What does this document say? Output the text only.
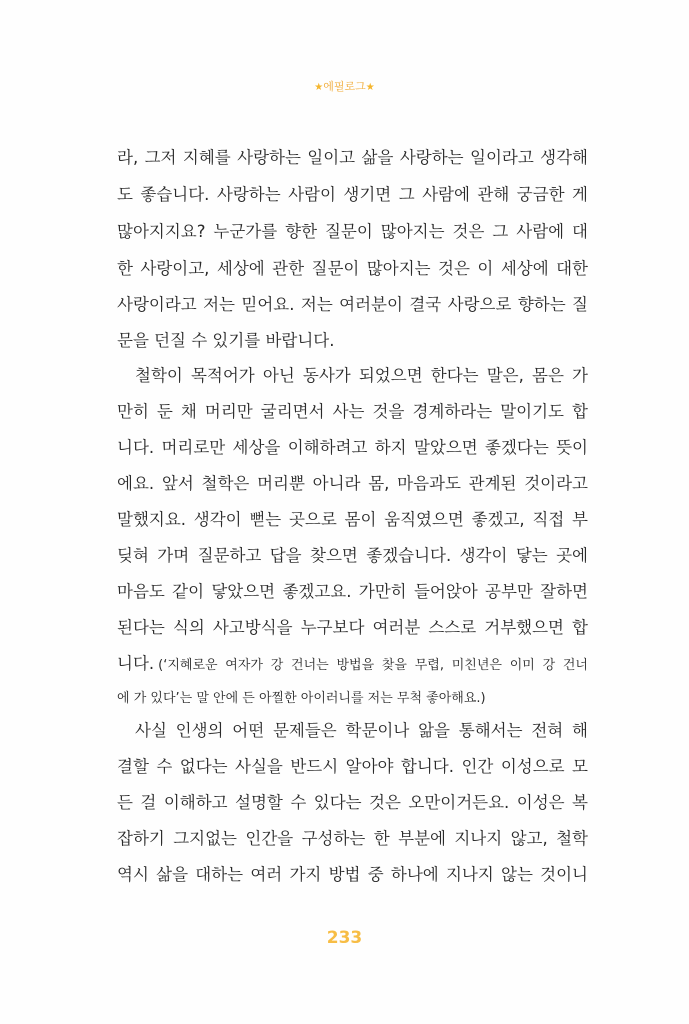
★에필로그★
라, 그저 지혜를 사랑하는 일이고 삶을 사랑하는 일이라고 생각해
도 좋습니다. 사랑하는 사람이 생기면 그 사람에 관해 궁금한 게
많아지지요? 누군가를 향한 질문이 많아지는 것은 그 사람에 대
한 사랑이고, 세상에 관한 질문이 많아지는 것은 이 세상에 대한
사랑이라고 저는 믿어요. 저는 여러분이 결국 사랑으로 향하는 질
문을 던질 수 있기를 바랍니다.
철학이 목적어가 아닌 동사가 되었으면 한다는 말은, 몸은 가
만히 둔 채 머리만 굴리면서 사는 것을 경계하라는 말이기도 합
니다. 머리로만 세상을 이해하려고 하지 말았으면 좋겠다는 뜻이
에요. 앞서 철학은 머리뿐 아니라 몸, 마음과도 관계된 것이라고
말했지요. 생각이 뻗는 곳으로 몸이 움직였으면 좋겠고, 직접 부
딪혀 가며 질문하고 답을 찾으면 좋겠습니다. 생각이 닿는 곳에
마음도 같이 닿았으면 좋겠고요. 가만히 들어앉아 공부만 잘하면
된다는 식의 사고방식을 누구보다 여러분 스스로 거부했으면 합
니다. (‘지혜로운 여자가 강 건너는 방법을 찾을 무렵, 미친년은 이미 강 건너
에 가 있다’는 말 안에 든 아찔한 아이러니를 저는 무척 좋아해요.)
사실 인생의 어떤 문제들은 학문이나 앎을 통해서는 전혀 해
결할 수 없다는 사실을 반드시 알아야 합니다. 인간 이성으로 모
든 걸 이해하고 설명할 수 있다는 것은 오만이거든요. 이성은 복
잡하기 그지없는 인간을 구성하는 한 부분에 지나지 않고, 철학
역시 삶을 대하는 여러 가지 방법 중 하나에 지나지 않는 것이니
233
